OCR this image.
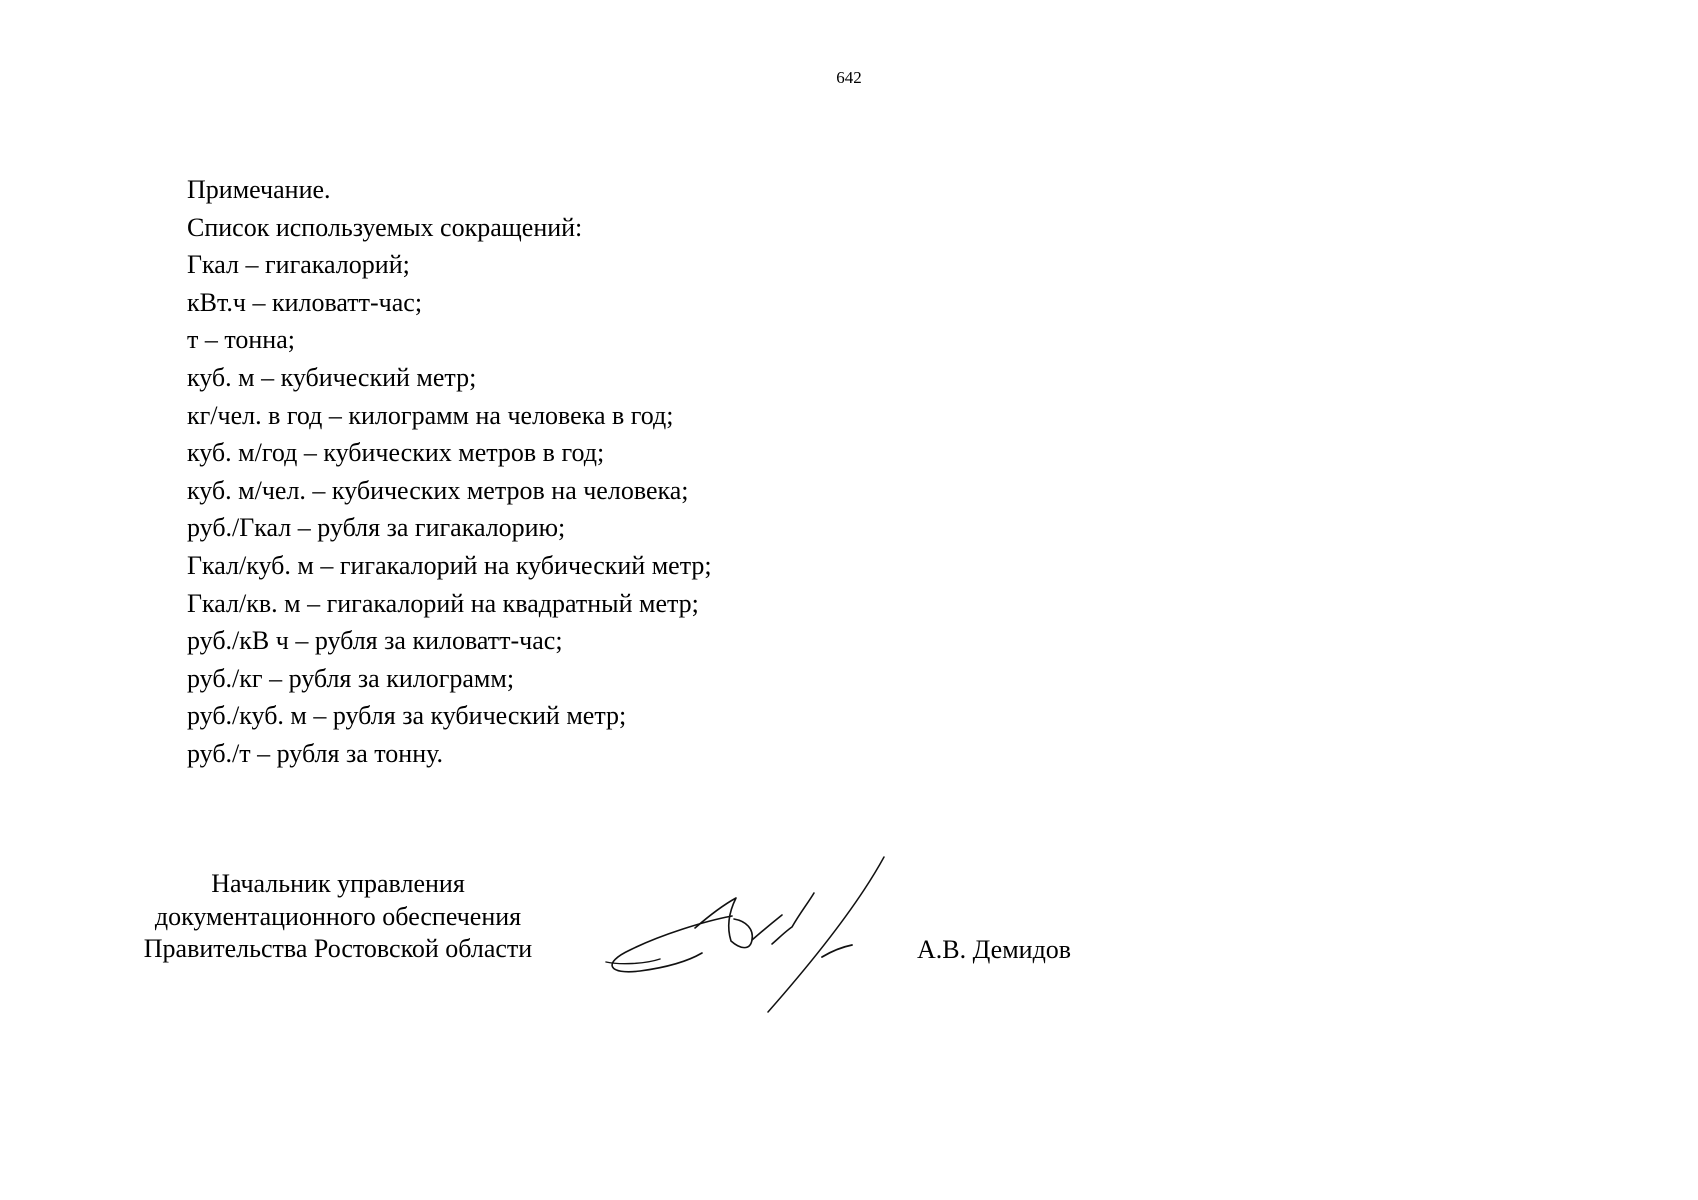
642

Примечание.

Список используемых сокращений:

Гкал – гигакалорий;

кВт.ч – киловатт-час;

т – тонна;

куб. м – кубический метр;

кг/чел. в год – килограмм на человека в год;

куб. м/год – кубических метров в год;

куб. м/чел. – кубических метров на человека;

руб./Гкал – рубля за гигакалорию;

Гкал/куб. м – гигакалорий на кубический метр;

Гкал/кв. м – гигакалорий на квадратный метр;

руб./кВ ч – рубля за киловатт-час;

руб./кг – рубля за килограмм;

руб./куб. м – рубля за кубический метр;

руб./т – рубля за тонну.

Начальник управления

документационного обеспечения

Правительства Ростовской области	А.В. Демидов
